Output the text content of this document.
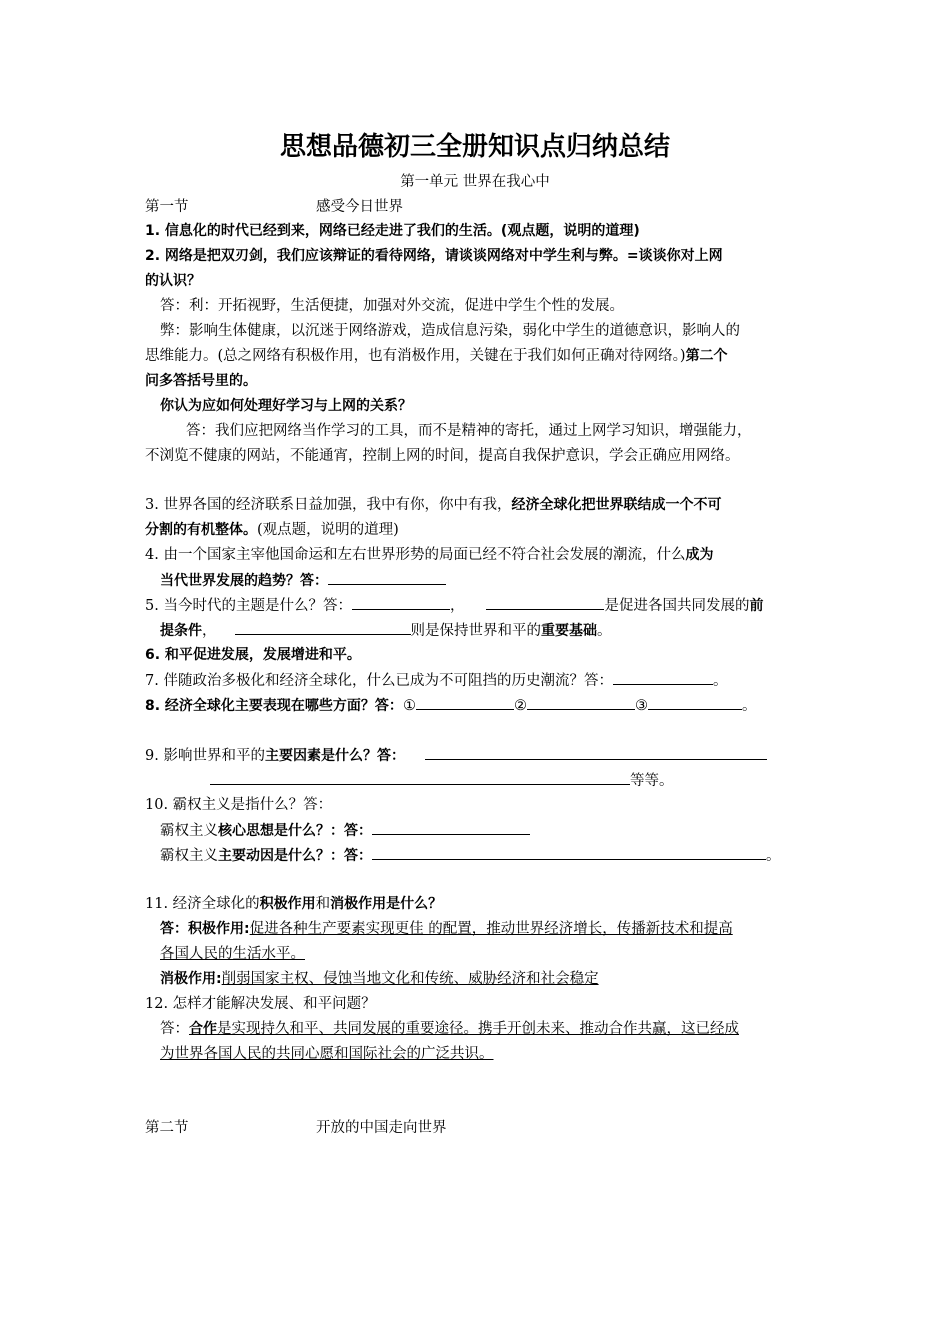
思想品德初三全册知识点归纳总结
第一单元 世界在我心中
第一节	感受今日世界
1. 信息化的时代已经到来，网络已经走进了我们的生活。(观点题，说明的道理)
2. 网络是把双刃剑，我们应该辩证的看待网络，请谈谈网络对中学生利与弊。=谈谈你对上网
的认识？
答：利：开拓视野，生活便捷，加强对外交流，促进中学生个性的发展。
弊：影响生体健康，以沉迷于网络游戏，造成信息污染，弱化中学生的道德意识，影响人的
思维能力。(总之网络有积极作用，也有消极作用，关键在于我们如何正确对待网络。)第二个
问多答括号里的。
你认为应如何处理好学习与上网的关系？
答：我们应把网络当作学习的工具，而不是精神的寄托，通过上网学习知识，增强能力，
不浏览不健康的网站，不能通宵，控制上网的时间，提高自我保护意识，学会正确应用网络。
3. 世界各国的经济联系日益加强，我中有你，你中有我，经济全球化把世界联结成一个不可
分割的有机整体。(观点题，说明的道理)
4. 由一个国家主宰他国命运和左右世界形势的局面已经不符合社会发展的潮流，什么成为
当代世界发展的趋势？答：
5. 当今时代的主题是什么？答：	，	是促进各国共同发展的前
提条件，	则是保持世界和平的重要基础。
6. 和平促进发展，发展增进和平。
7. 伴随政治多极化和经济全球化，什么已成为不可阻挡的历史潮流？答：	。
8. 经济全球化主要表现在哪些方面？答：①	②	③	。
9. 影响世界和平的主要因素是什么？答：
等等。
10. 霸权主义是指什么？答：
霸权主义核心思想是什么？：答：
霸权主义主要动因是什么？：答：	。
11. 经济全球化的积极作用和消极作用是什么？
答：积极作用:促进各种生产要素实现更佳 的配置，推动世界经济增长，传播新技术和提高
各国人民的生活水平。
消极作用:削弱国家主权、侵蚀当地文化和传统、威胁经济和社会稳定
12. 怎样才能解决发展、和平问题？
答：合作是实现持久和平、共同发展的重要途径。携手开创未来、推动合作共赢，这已经成
为世界各国人民的共同心愿和国际社会的广泛共识。
第二节	开放的中国走向世界
